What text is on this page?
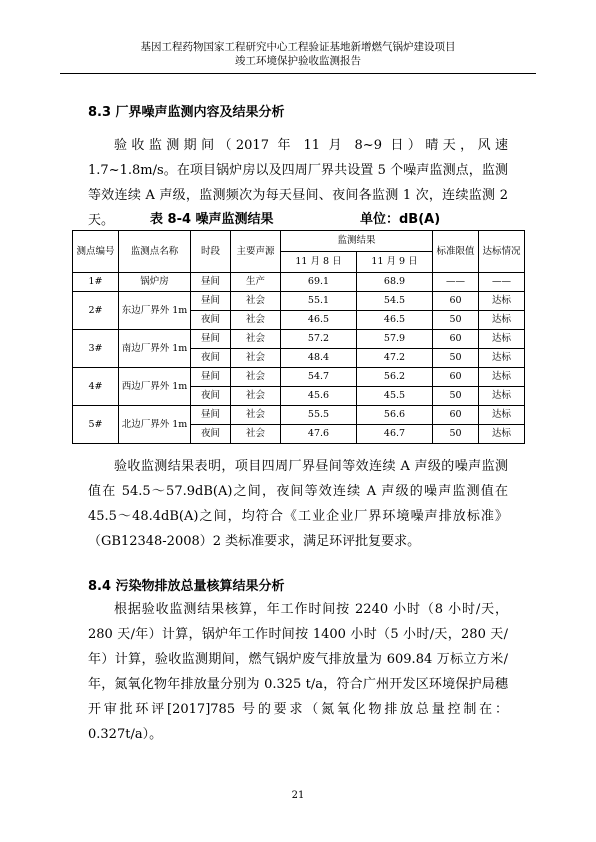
基因工程药物国家工程研究中心工程验证基地新增燃气锅炉建设项目
竣工环境保护验收监测报告
8.3 厂界噪声监测内容及结果分析

验收监测期间（2017 年 11 月 8~9 日）晴天，风速 1.7~1.8m/s。在项目锅炉房以及四周厂界共设置 5 个噪声监测点，监测等效连续 A 声级，监测频次为每天昼间、夜间各监测 1 次，连续监测 2 天。	表 8-4 噪声监测结果	单位：dB(A)
测点编号	监测点名称	时段	主要声源	监测结果		标准限值	达标情况
				11 月 8 日	11 月 9 日		
1#	锅炉房	昼间	生产	69.1	68.9	——	——
2#	东边厂界外 1m	昼间	社会	55.1	54.5	60	达标
		夜间	社会	46.5	46.5	50	达标
3#	南边厂界外 1m	昼间	社会	57.2	57.9	60	达标
		夜间	社会	48.4	47.2	50	达标
4#	西边厂界外 1m	昼间	社会	54.7	56.2	60	达标
		夜间	社会	45.6	45.5	50	达标
5#	北边厂界外 1m	昼间	社会	55.5	56.6	60	达标
		夜间	社会	47.6	46.7	50	达标

验收监测结果表明，项目四周厂界昼间等效连续 A 声级的噪声监测值在 54.5～57.9dB(A)之间，夜间等效连续 A 声级的噪声监测值在 45.5～48.4dB(A)之间，均符合《工业企业厂界环境噪声排放标准》（GB12348-2008）2 类标准要求，满足环评批复要求。

8.4 污染物排放总量核算结果分析

根据验收监测结果核算，年工作时间按 2240 小时（8 小时/天，280 天/年）计算，锅炉年工作时间按 1400 小时（5 小时/天，280 天/年）计算，验收监测期间，燃气锅炉废气排放量为 609.84 万标立方米/年，氮氧化物年排放量分别为 0.325 t/a，符合广州开发区环境保护局穗开审批环评[2017]785 号的要求（氮氧化物排放总量控制在：0.327t/a）。

21
